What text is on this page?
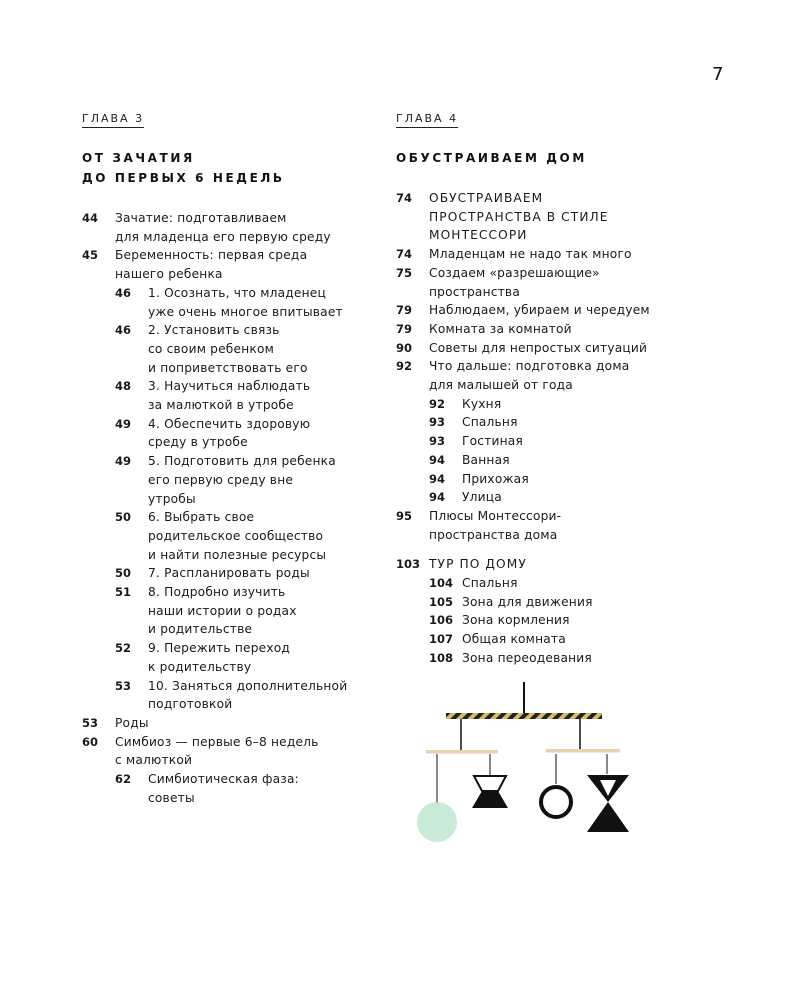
7
ГЛАВА 3
ОТ ЗАЧАТИЯ
ДО ПЕРВЫХ 6 НЕДЕЛЬ
44	Зачатие: подготавливаем
для младенца его первую среду
45	Беременность: первая среда
нашего ребенка
46	1. Осознать, что младенец
уже очень многое впитывает
46	2. Установить связь
со своим ребенком
и поприветствовать его
48	3. Научиться наблюдать
за малюткой в утробе
49	4. Обеспечить здоровую
среду в утробе
49	5. Подготовить для ребенка
его первую среду вне
утробы
50	6. Выбрать свое
родительское сообщество
и найти полезные ресурсы
50	7. Распланировать роды
51	8. Подробно изучить
наши истории о родах
и родительстве
52	9. Пережить переход
к родительству
53	10. Заняться дополнительной
подготовкой
53	Роды
60	Симбиоз — первые 6–8 недель
с малюткой
62	Симбиотическая фаза:
советы
ГЛАВА 4
ОБУСТРАИВАЕМ ДОМ
74	ОБУСТРАИВАЕМ
ПРОСТРАНСТВА В СТИЛЕ
МОНТЕССОРИ
74	Младенцам не надо так много
75	Создаем «разрешающие»
пространства
79	Наблюдаем, убираем и чередуем
79	Комната за комнатой
90	Советы для непростых ситуаций
92	Что дальше: подготовка дома
для малышей от года
92	Кухня
93	Спальня
93	Гостиная
94	Ванная
94	Прихожая
94	Улица
95	Плюсы Монтессори-
пространства дома
103 ТУР ПО ДОМУ
104 Спальня
105 Зона для движения
106 Зона кормления
107 Общая комната
108 Зона переодевания
